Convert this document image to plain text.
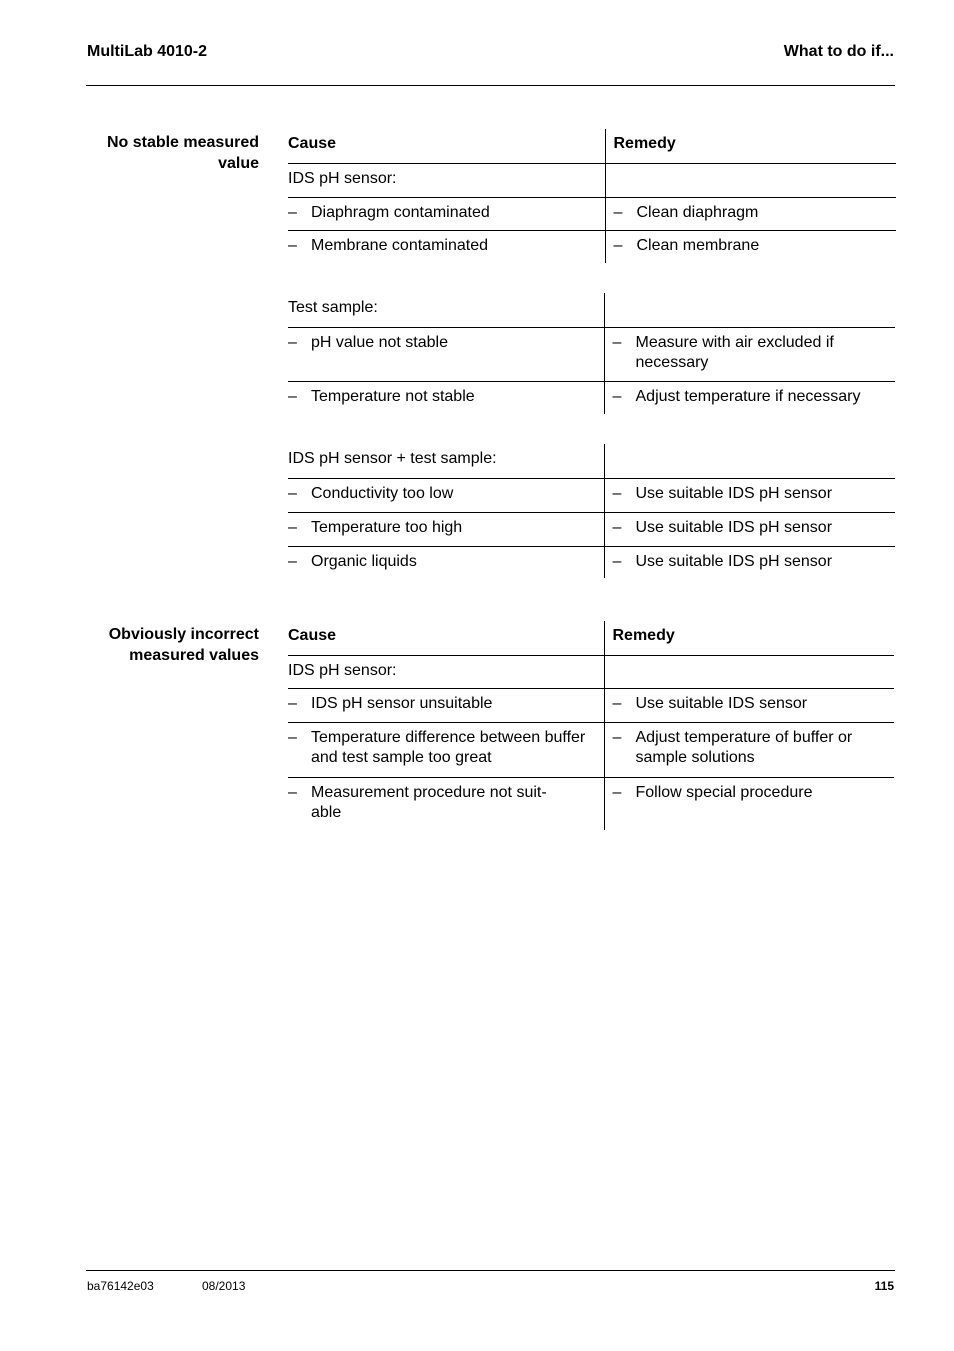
MultiLab 4010-2	What to do if...
No stable measured
value
Cause	Remedy

IDS pH sensor:	

– Diaphragm contaminated	– Clean diaphragm

– Membrane contaminated	– Clean membrane
Test sample:	

– pH value not stable	– Measure with air excluded if necessary

– Temperature not stable	– Adjust temperature if necessary
IDS pH sensor + test sample:	

– Conductivity too low	– Use suitable IDS pH sensor

– Temperature too high	– Use suitable IDS pH sensor

– Organic liquids	– Use suitable IDS pH sensor
Obviously incorrect
measured values
Cause	Remedy

IDS pH sensor:	

– IDS pH sensor unsuitable	– Use suitable IDS sensor

– Temperature difference between buffer and test sample too great	– Adjust temperature of buffer or sample solutions

– Measurement procedure not suit-able	– Follow special procedure
ba76142e03	08/2013	115
